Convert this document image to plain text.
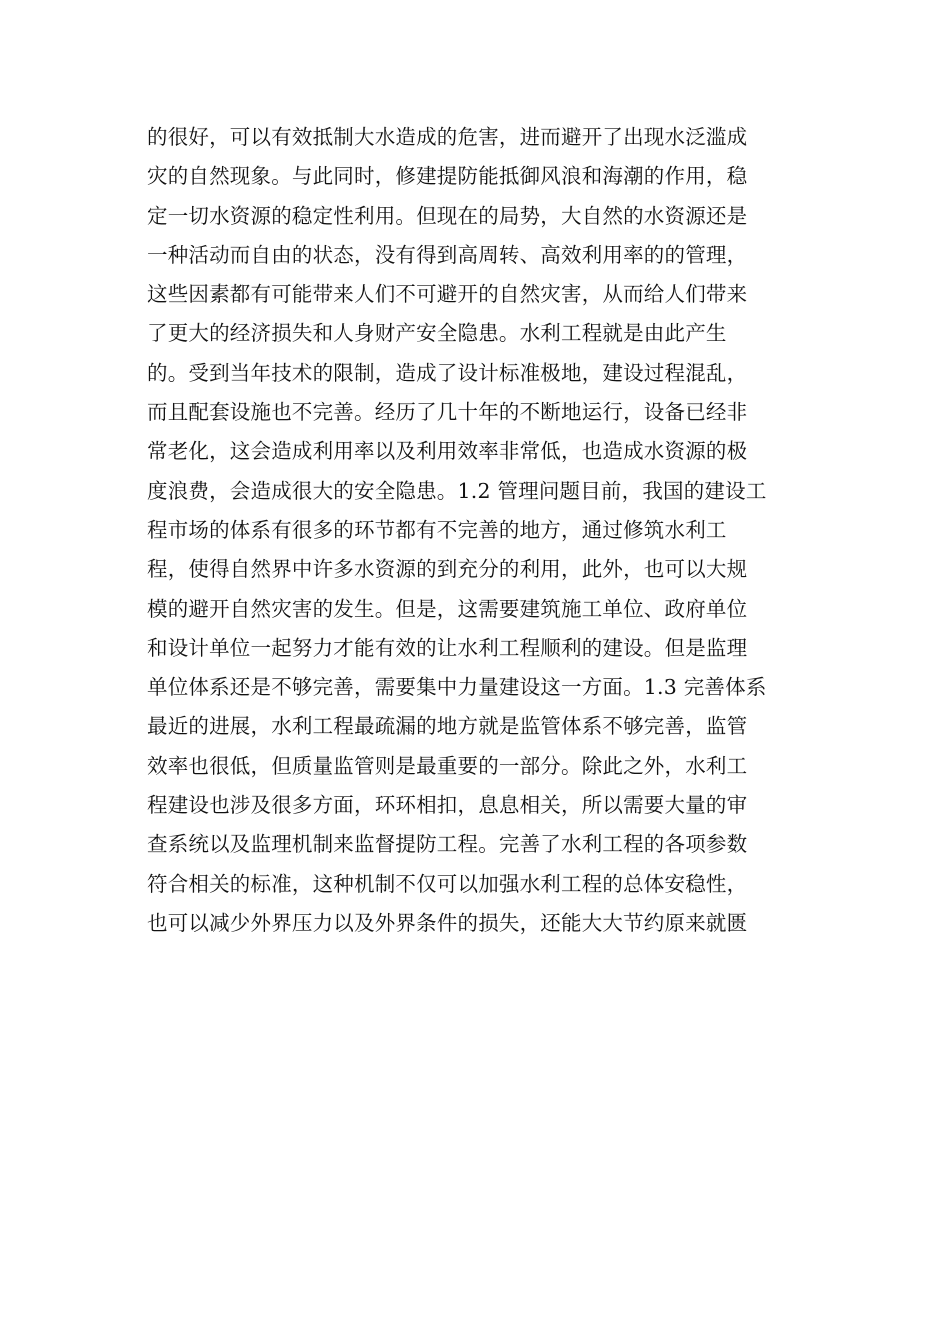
的很好，可以有效抵制大水造成的危害，进而避开了出现水泛滥成
灾的自然现象。与此同时，修建提防能抵御风浪和海潮的作用，稳
定一切水资源的稳定性利用。但现在的局势，大自然的水资源还是
一种活动而自由的状态，没有得到高周转、高效利用率的的管理，
这些因素都有可能带来人们不可避开的自然灾害，从而给人们带来
了更大的经济损失和人身财产安全隐患。水利工程就是由此产生
的。受到当年技术的限制，造成了设计标准极地，建设过程混乱，
而且配套设施也不完善。经历了几十年的不断地运行，设备已经非
常老化，这会造成利用率以及利用效率非常低，也造成水资源的极
度浪费，会造成很大的安全隐患。1.2 管理问题目前，我国的建设工
程市场的体系有很多的环节都有不完善的地方，通过修筑水利工
程，使得自然界中许多水资源的到充分的利用，此外，也可以大规
模的避开自然灾害的发生。但是，这需要建筑施工单位、政府单位
和设计单位一起努力才能有效的让水利工程顺利的建设。但是监理
单位体系还是不够完善，需要集中力量建设这一方面。1.3 完善体系
最近的进展，水利工程最疏漏的地方就是监管体系不够完善，监管
效率也很低，但质量监管则是最重要的一部分。除此之外，水利工
程建设也涉及很多方面，环环相扣，息息相关，所以需要大量的审
查系统以及监理机制来监督提防工程。完善了水利工程的各项参数
符合相关的标准，这种机制不仅可以加强水利工程的总体安稳性，
也可以减少外界压力以及外界条件的损失，还能大大节约原来就匮
